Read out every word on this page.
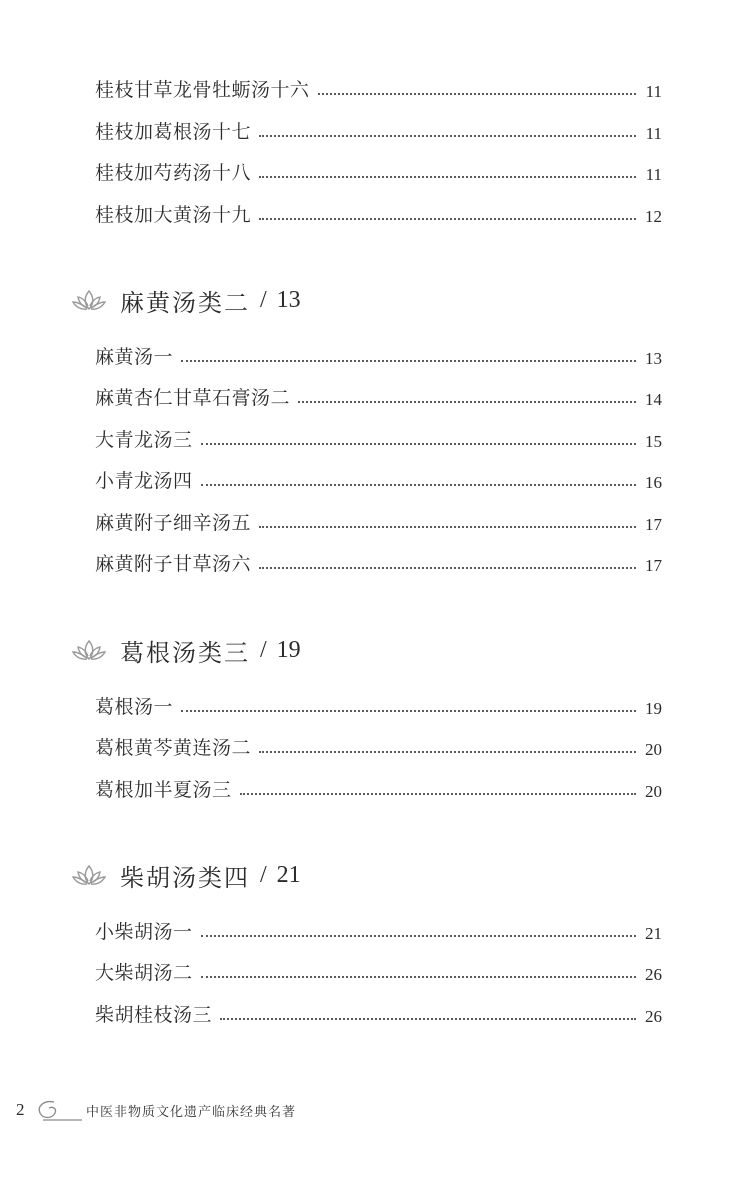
桂枝甘草龙骨牡蛎汤十六	11
桂枝加葛根汤十七	11
桂枝加芍药汤十八	11
桂枝加大黄汤十九	12
麻黄汤类二 / 13
麻黄汤一	13
麻黄杏仁甘草石膏汤二	14
大青龙汤三	15
小青龙汤四	16
麻黄附子细辛汤五	17
麻黄附子甘草汤六	17
葛根汤类三 / 19
葛根汤一	19
葛根黄芩黄连汤二	20
葛根加半夏汤三	20
柴胡汤类四 / 21
小柴胡汤一	21
大柴胡汤二	26
柴胡桂枝汤三	26
2	中医非物质文化遗产临床经典名著
